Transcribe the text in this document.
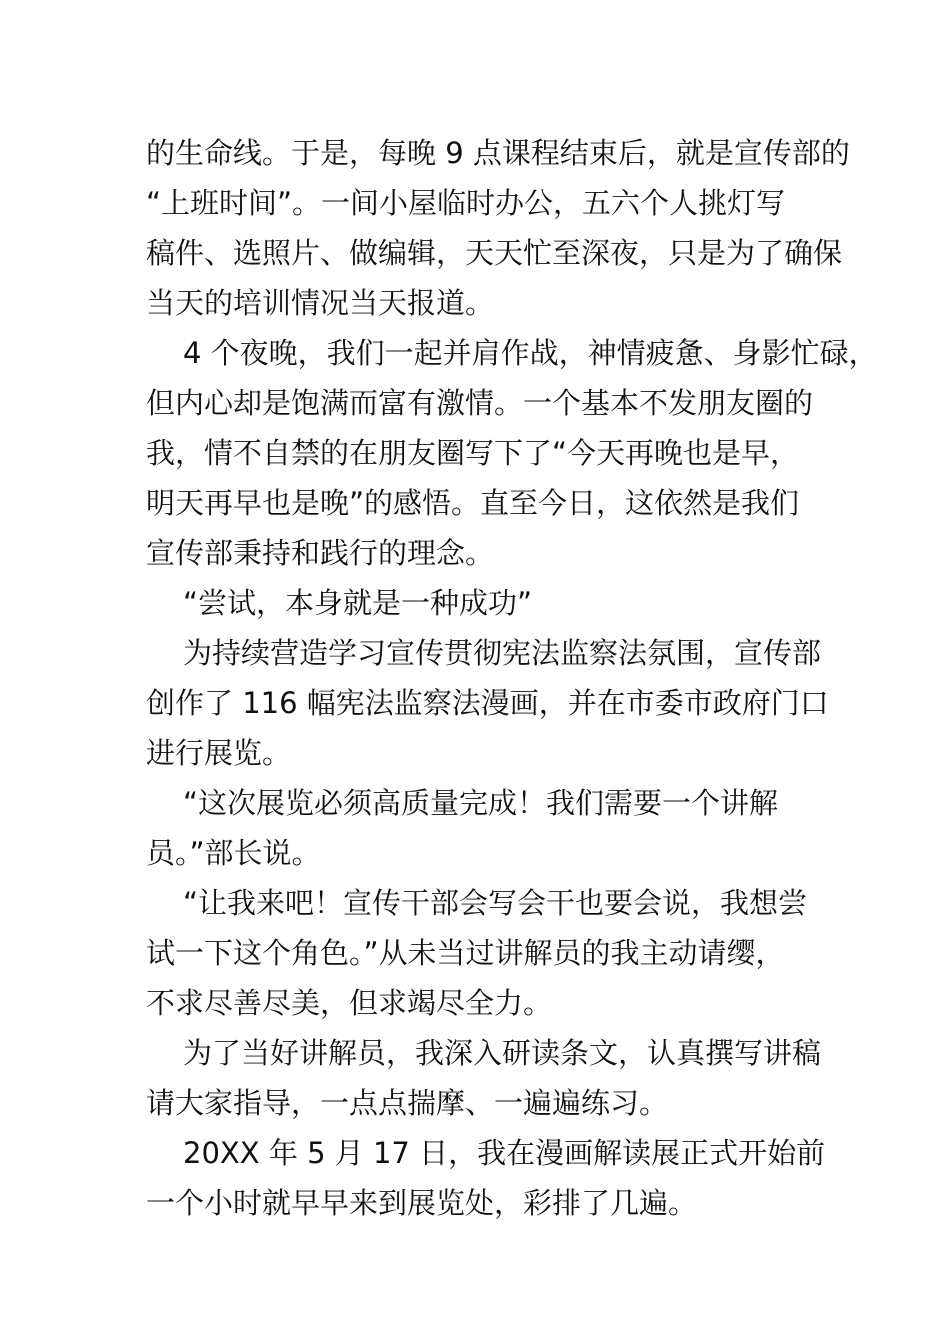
的生命线。于是，每晚 9 点课程结束后，就是宣传部的
“上班时间”。一间小屋临时办公，五六个人挑灯写
稿件、选照片、做编辑，天天忙至深夜，只是为了确保
当天的培训情况当天报道。
4 个夜晚，我们一起并肩作战，神情疲惫、身影忙碌，
但内心却是饱满而富有激情。一个基本不发朋友圈的
我，情不自禁的在朋友圈写下了“今天再晚也是早，
明天再早也是晚”的感悟。直至今日，这依然是我们
宣传部秉持和践行的理念。
“尝试，本身就是一种成功”
为持续营造学习宣传贯彻宪法监察法氛围，宣传部
创作了 116 幅宪法监察法漫画，并在市委市政府门口
进行展览。
“这次展览必须高质量完成！我们需要一个讲解
员。”部长说。
“让我来吧！宣传干部会写会干也要会说，我想尝
试一下这个角色。”从未当过讲解员的我主动请缨，
不求尽善尽美，但求竭尽全力。
为了当好讲解员，我深入研读条文，认真撰写讲稿
请大家指导，一点点揣摩、一遍遍练习。
20XX 年 5 月 17 日，我在漫画解读展正式开始前
一个小时就早早来到展览处，彩排了几遍。
